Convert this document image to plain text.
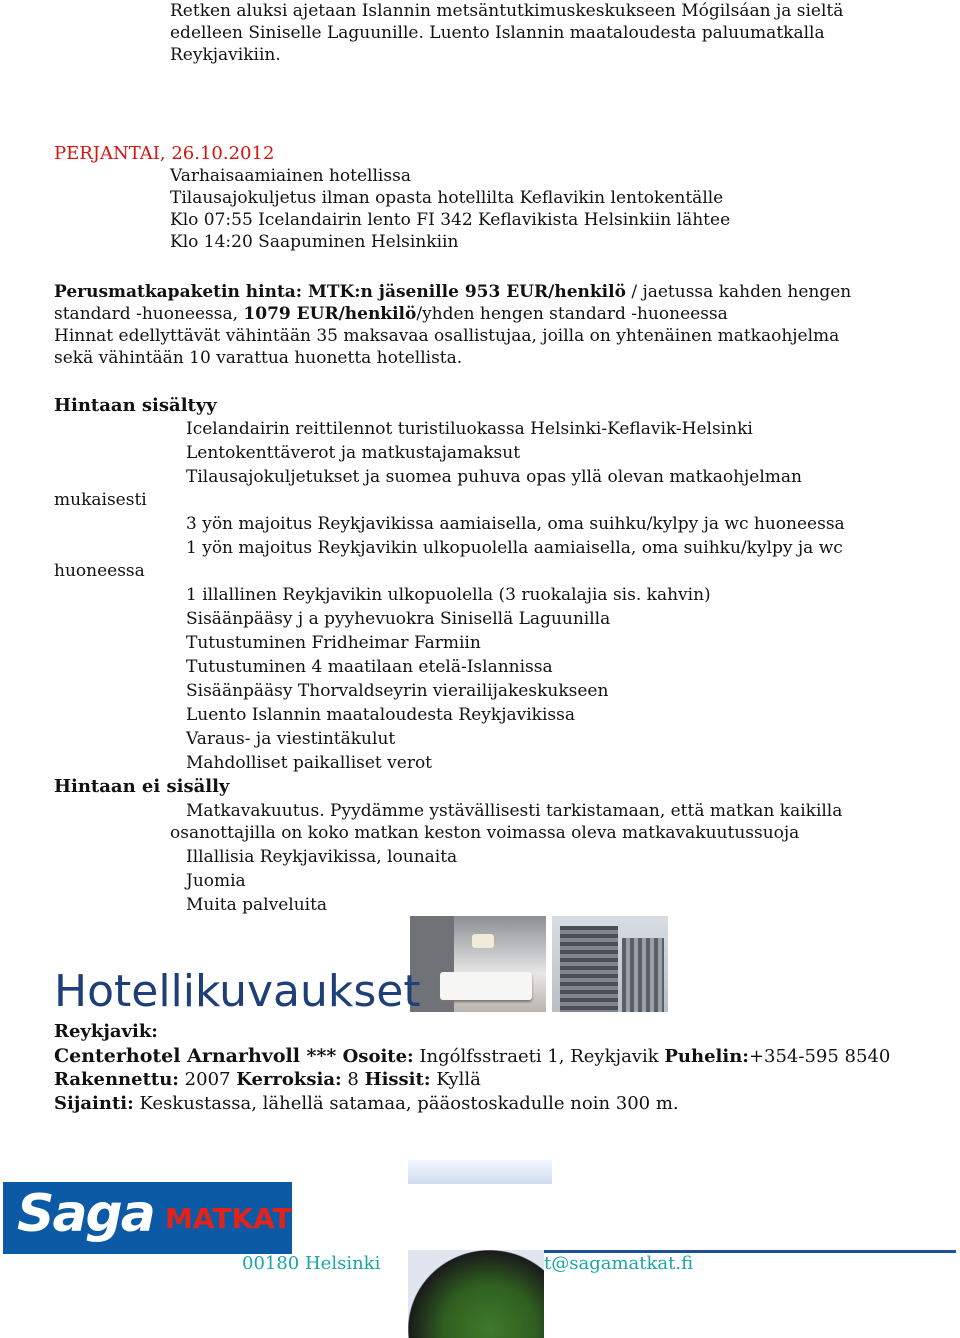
Retken aluksi ajetaan Islannin metsäntutkimuskeskukseen Mógilsáan ja sieltä
edelleen Siniselle Laguunille. Luento Islannin maataloudesta paluumatkalla
Reykjavikiin.
PERJANTAI, 26.10.2012
Varhaisaamiainen hotellissa
Tilausajokuljetus ilman opasta hotellilta Keflavikin lentokentälle
Klo 07:55 Icelandairin lento FI 342 Keflavikista Helsinkiin lähtee
Klo 14:20 Saapuminen Helsinkiin
Perusmatkapaketin hinta: MTK:n jäsenille 953 EUR/henkilö / jaetussa kahden hengen
standard -huoneessa, 1079 EUR/henkilö/yhden hengen standard -huoneessa
Hinnat edellyttävät vähintään 35 maksavaa osallistujaa, joilla on yhtenäinen matkaohjelma
sekä vähintään 10 varattua huonetta hotellista.
Hintaan sisältyy
Icelandairin reittilennot turistiluokassa Helsinki-Keflavik-Helsinki
Lentokenttäverot ja matkustajamaksut
Tilausajokuljetukset ja suomea puhuva opas yllä olevan matkaohjelman
mukaisesti
3 yön majoitus Reykjavikissa aamiaisella, oma suihku/kylpy ja wc huoneessa
1 yön majoitus Reykjavikin ulkopuolella aamiaisella, oma suihku/kylpy ja wc
huoneessa
1 illallinen Reykjavikin ulkopuolella (3 ruokalajia sis. kahvin)
Sisäänpääsy j a pyyhevuokra Sinisellä Laguunilla
Tutustuminen Fridheimar Farmiin
Tutustuminen 4 maatilaan etelä-Islannissa
Sisäänpääsy Thorvaldseyrin vierailijakeskukseen
Luento Islannin maataloudesta Reykjavikissa
Varaus- ja viestintäkulut
Mahdolliset paikalliset verot
Hintaan ei sisälly
Matkavakuutus. Pyydämme ystävällisesti tarkistamaan, että matkan kaikilla
osanottajilla on koko matkan keston voimassa oleva matkavakuutussuoja
Illallisia Reykjavikissa, lounaita
Juomia
Muita palveluita
Hotellikuvaukset
Reykjavik:
Centerhotel Arnarhvoll *** Osoite: Ingólfsstraeti 1, Reykjavik Puhelin:+354-595 8540
Rakennettu: 2007 Kerroksia: 8 Hissit: Kyllä
Sijainti: Keskustassa, lähellä satamaa, pääostoskadulle noin 300 m.
Saga MATKAT
00180 Helsinki	t@sagamatkat.fi
